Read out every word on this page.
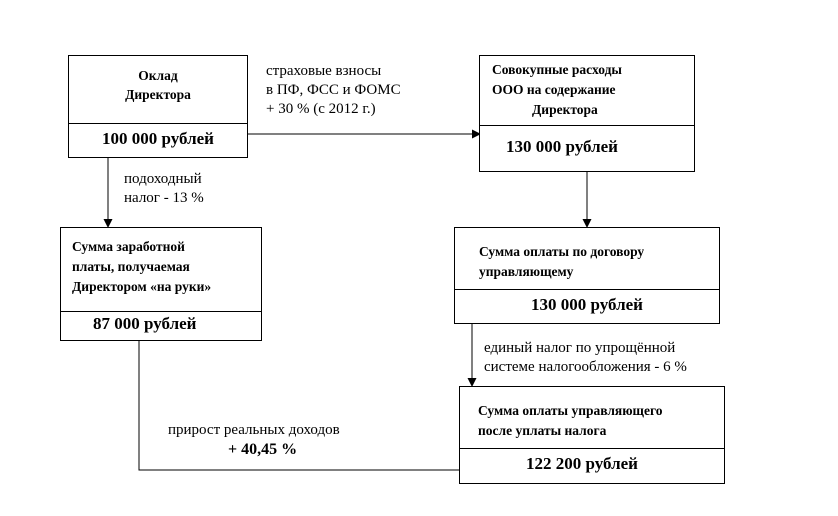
Оклад
Директора
100 000 рублей
Совокупные расходы
ООО на содержание
Директора
130 000 рублей
Сумма заработной
платы, получаемая
Директором «на руки»
87 000 рублей
Сумма оплаты по договору
управляющему
130 000 рублей
Сумма оплаты управляющего
после уплаты налога
122 200 рублей
страховые взносы
в ПФ, ФСС и ФОМС
+ 30 % (с 2012 г.)
подоходный
налог - 13 %
единый налог по упрощённой
системе налогообложения - 6 %
прирост реальных доходов
+ 40,45 %
